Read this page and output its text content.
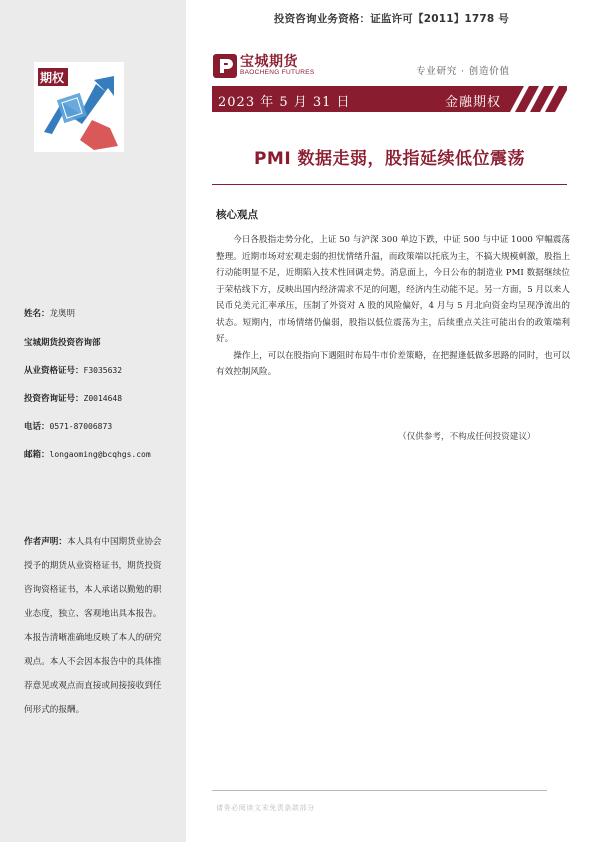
投资咨询业务资格：证监许可【2011】1778 号
期权
宝城期货
BAOCHENG FUTURES	专业研究 · 创造价值
2023 年 5 月 31 日	金融期权
PMI 数据走弱，股指延续低位震荡
核心观点

今日各股指走势分化，上证 50 与沪深 300 单边下跌，中证 500 与中证 1000 窄幅震荡整理。近期市场对宏观走弱的担忧情绪升温，而政策端以托底为主，不搞大规模刺激，股指上行动能明显不足，近期陷入技术性回调走势。消息面上，今日公布的制造业 PMI 数据继续位于荣枯线下方，反映出国内经济需求不足的问题，经济内生动能不足。另一方面，5 月以来人民币兑美元汇率承压，压制了外资对 A 股的风险偏好，4 月与 5 月北向资金均呈现净流出的状态。短期内，市场情绪仍偏弱，股指以低位震荡为主，后续重点关注可能出台的政策端利好。

操作上，可以在股指向下遇阻时布局牛市价差策略，在把握逢低做多思路的同时，也可以有效控制风险。

（仅供参考，不构成任何投资建议）
姓名：龙奥明
宝城期货投资咨询部
从业资格证号：F3035632
投资咨询证号：Z0014648
电话：0571-87006873
邮箱：longaoming@bcqhgs.com
作者声明：本人具有中国期货业协会授予的期货从业资格证书，期货投资咨询资格证书，本人承诺以勤勉的职业态度，独立、客观地出具本报告。本报告清晰准确地反映了本人的研究观点。本人不会因本报告中的具体推荐意见或观点而直接或间接接收到任何形式的报酬。
请务必阅读文末免责条款部分
